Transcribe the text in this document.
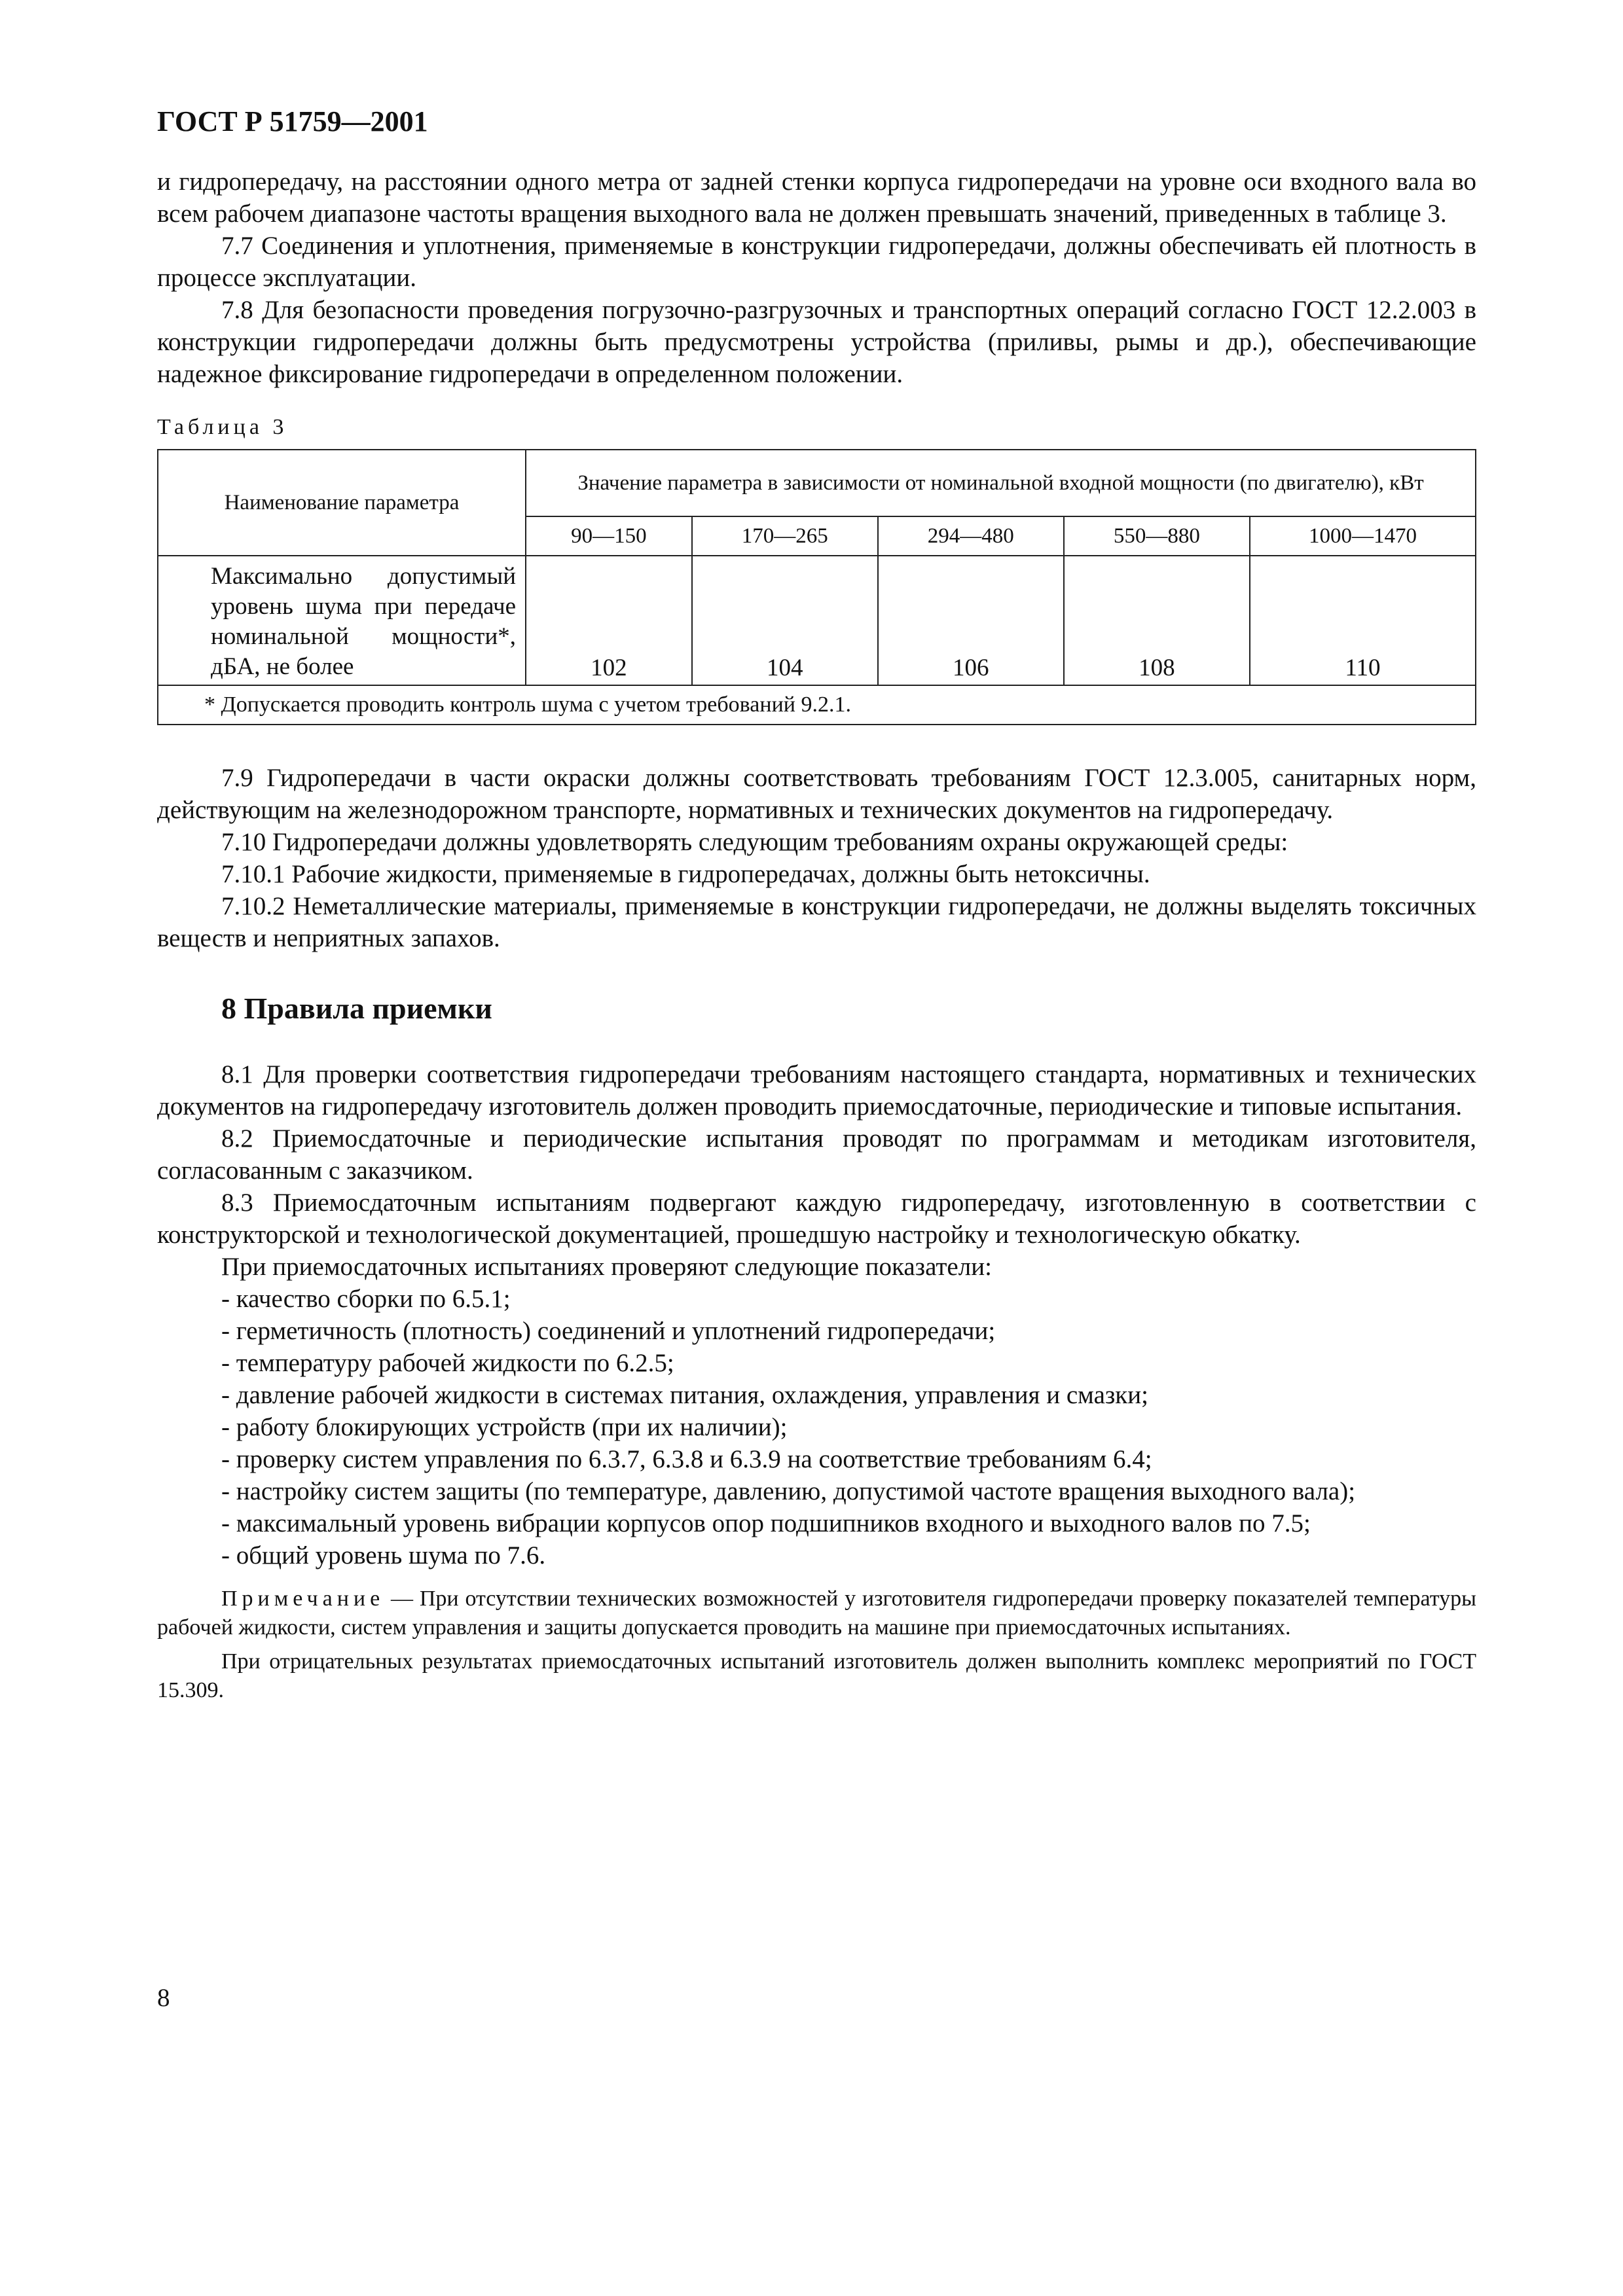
ГОСТ Р 51759—2001

и гидропередачу, на расстоянии одного метра от задней стенки корпуса гидропередачи на уровне оси входного вала во всем рабочем диапазоне частоты вращения выходного вала не должен превышать значений, приведенных в таблице 3.

7.7 Соединения и уплотнения, применяемые в конструкции гидропередачи, должны обеспечивать ей плотность в процессе эксплуатации.

7.8 Для безопасности проведения погрузочно-разгрузочных и транспортных операций согласно ГОСТ 12.2.003 в конструкции гидропередачи должны быть предусмотрены устройства (приливы, рымы и др.), обеспечивающие надежное фиксирование гидропередачи в определенном положении.

Таблица 3
Наименование параметра	Значение параметра в зависимости от номинальной входной мощности (по двигателю), кВт				
	90—150	170—265	294—480	550—880	1000—1470
Максимально допустимый уровень шума при передаче номинальной мощности*, дБА, не более	102	104	106	108	110
* Допускается проводить контроль шума с учетом требований 9.2.1.					

7.9 Гидропередачи в части окраски должны соответствовать требованиям ГОСТ 12.3.005, санитарных норм, действующим на железнодорожном транспорте, нормативных и технических документов на гидропередачу.

7.10 Гидропередачи должны удовлетворять следующим требованиям охраны окружающей среды:

7.10.1 Рабочие жидкости, применяемые в гидропередачах, должны быть нетоксичны.

7.10.2 Неметаллические материалы, применяемые в конструкции гидропередачи, не должны выделять токсичных веществ и неприятных запахов.

8 Правила приемки

8.1 Для проверки соответствия гидропередачи требованиям настоящего стандарта, нормативных и технических документов на гидропередачу изготовитель должен проводить приемосдаточные, периодические и типовые испытания.

8.2 Приемосдаточные и периодические испытания проводят по программам и методикам изготовителя, согласованным с заказчиком.

8.3 Приемосдаточным испытаниям подвергают каждую гидропередачу, изготовленную в соответствии с конструкторской и технологической документацией, прошедшую настройку и технологическую обкатку.

При приемосдаточных испытаниях проверяют следующие показатели:

- качество сборки по 6.5.1;

- герметичность (плотность) соединений и уплотнений гидропередачи;

- температуру рабочей жидкости по 6.2.5;

- давление рабочей жидкости в системах питания, охлаждения, управления и смазки;

- работу блокирующих устройств (при их наличии);

- проверку систем управления по 6.3.7, 6.3.8 и 6.3.9 на соответствие требованиям 6.4;

- настройку систем защиты (по температуре, давлению, допустимой частоте вращения выходного вала);

- максимальный уровень вибрации корпусов опор подшипников входного и выходного валов по 7.5;

- общий уровень шума по 7.6.

Примечание — При отсутствии технических возможностей у изготовителя гидропередачи проверку показателей температуры рабочей жидкости, систем управления и защиты допускается проводить на машине при приемосдаточных испытаниях.

При отрицательных результатах приемосдаточных испытаний изготовитель должен выполнить комплекс мероприятий по ГОСТ 15.309.

8
